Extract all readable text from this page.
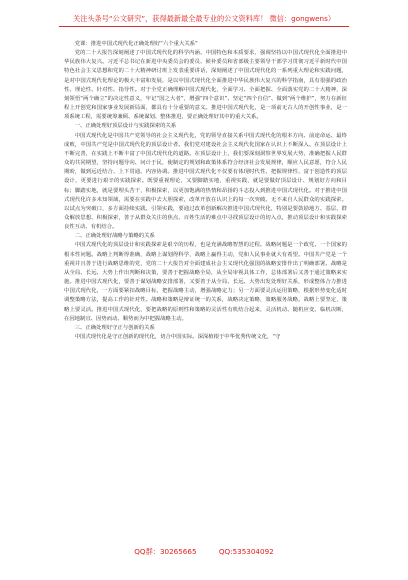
关注头条号“公文研究”，获得最新最全最专业的公文资料库！ 微信：gongwens）

党课：推进中国式现代化正确处理好“六个重大关系”

党的二十大报告深刻阐述了中国式现代化的科学内涵、中国特色和本质要求，强调坚持以中国式现代化全面推进中华民族伟大复兴。习近平总书记在新进中央委员会的委员、候补委员和省部级主要领导干部学习贯彻习近平新时代中国特色社会主义思想和党的二十大精神研讨班上发表重要讲话，深刻阐述了中国式现代化的一系列重大理论和实践问题，是对中国式现代化理论的极大丰富和发展，是以中国式现代化全面推进中华民族伟大复兴的科学指南，具有很强的政治性、理论性、针对性、指导性。对于全党正确理解中国式现代化，全面学习、全面把握、全面落实党的二十大精神，深刻领悟“两个确立”的决定性意义，牢记“国之大者”，增强“四个意识”、坚定“四个自信”、做到“两个维护”，努力在新征程上开创党和国家事业发展新局面，都具有十分重要的意义。推进中国式现代化，是一项前无古人的开创性事业，是一项系统工程，需要统筹兼顾、系统谋划、整体推进，要正确处理好其中的重大关系。

一、正确处理好顶层设计与实践探索的关系

中国式现代化是中国共产党领导的社会主义现代化，党的领导直接关系中国式现代化的根本方向、前途命运、最终成败，中国共产党是中国式现代化的顶层设计者。我们党对建设社会主义现代化国家在认识上不断深入、在顶层设计上不断完善，在实践上不断丰富了中国式现代化的道路。在顶层设计上，我们要深刻洞察世界发展大势，准确把握人民群众的共同期望，坚持问题导向、问计于民，使制定的规划和政策体系符合经济社会发展规律，顺应人民意愿，符合人民期盼，做到远近结合、上下贯通、内容协调。推进中国式现代化不仅要有体现时代性、把握规律性、富于创造性的顶层设计，更要进行艰辛的实践探索。既要重视理论，又要脚踏实地，重视实践，就是要做好顶层设计、规划好方向和目标；脚踏实地，就是要埋头苦干，积极探索，以更加饱满的热情和昂扬的斗志投入到推进中国式现代化。对于推进中国式现代化许多未知领域，需要在实践中去大胆探索，改革开放在认识上的每一次突破、无不来自人民群众的实践探索。以试点为突破口，多方面持续实践、引领实践，要通过改革创新解决推进中国式现代化，特别是要鼓励地方、基层、群众解放思想、积极探索，善于从群众关注的焦点、百姓生活的难点中寻找顶层设计的切入点，推动顶层设计和实践探索良性互动、有机结合。

二、正确处理好战略与策略的关系

中国式现代化的顶层设计和实践探索是艰辛的历程，也是充满战略智慧的过程。战略问题是一个政党、一个国家的根本性问题。战略上判断得准确，战略上谋划得科学，战略上赢得主动，党和人民事业就大有希望。中国共产党是一个重视并且善于进行战略思维的党，党的二十大报告对全面建成社会主义现代化强国的战略安排作出了明确部署。战略是从全局、长远、大势上作出判断和决策，要善于把握战略全局，从全局审视具体工作，总体部署后又善于通过策略来实施。推进中国式现代化，要善于谋划战略安排部署，又要善于从全局、长远、大势出发处理好关系，形成整体合力推进中国式现代化，一方面要紧扣战略目标，把握战略主动，增强战略定力；另一方面要灵活运用策略，根据形势变化适时调整策略方法，提高工作的针对性。战略和策略是辩证统一的关系，战略决定策略，策略服务战略。战略上要坚定，策略上要灵活。推进中国式现代化，要把战略的原则性和策略的灵活性有机结合起来，灵活机动、随机应变、临机决断，在因地制宜、因势而动、顺势而为中把握战略主动。

三、正确处理好守正与创新的关系

中国式现代化是守正创新的现代化，切合中国实际。深深植根于中华优秀传统文化，“守

QQ群：30265665	QQ:535304092
